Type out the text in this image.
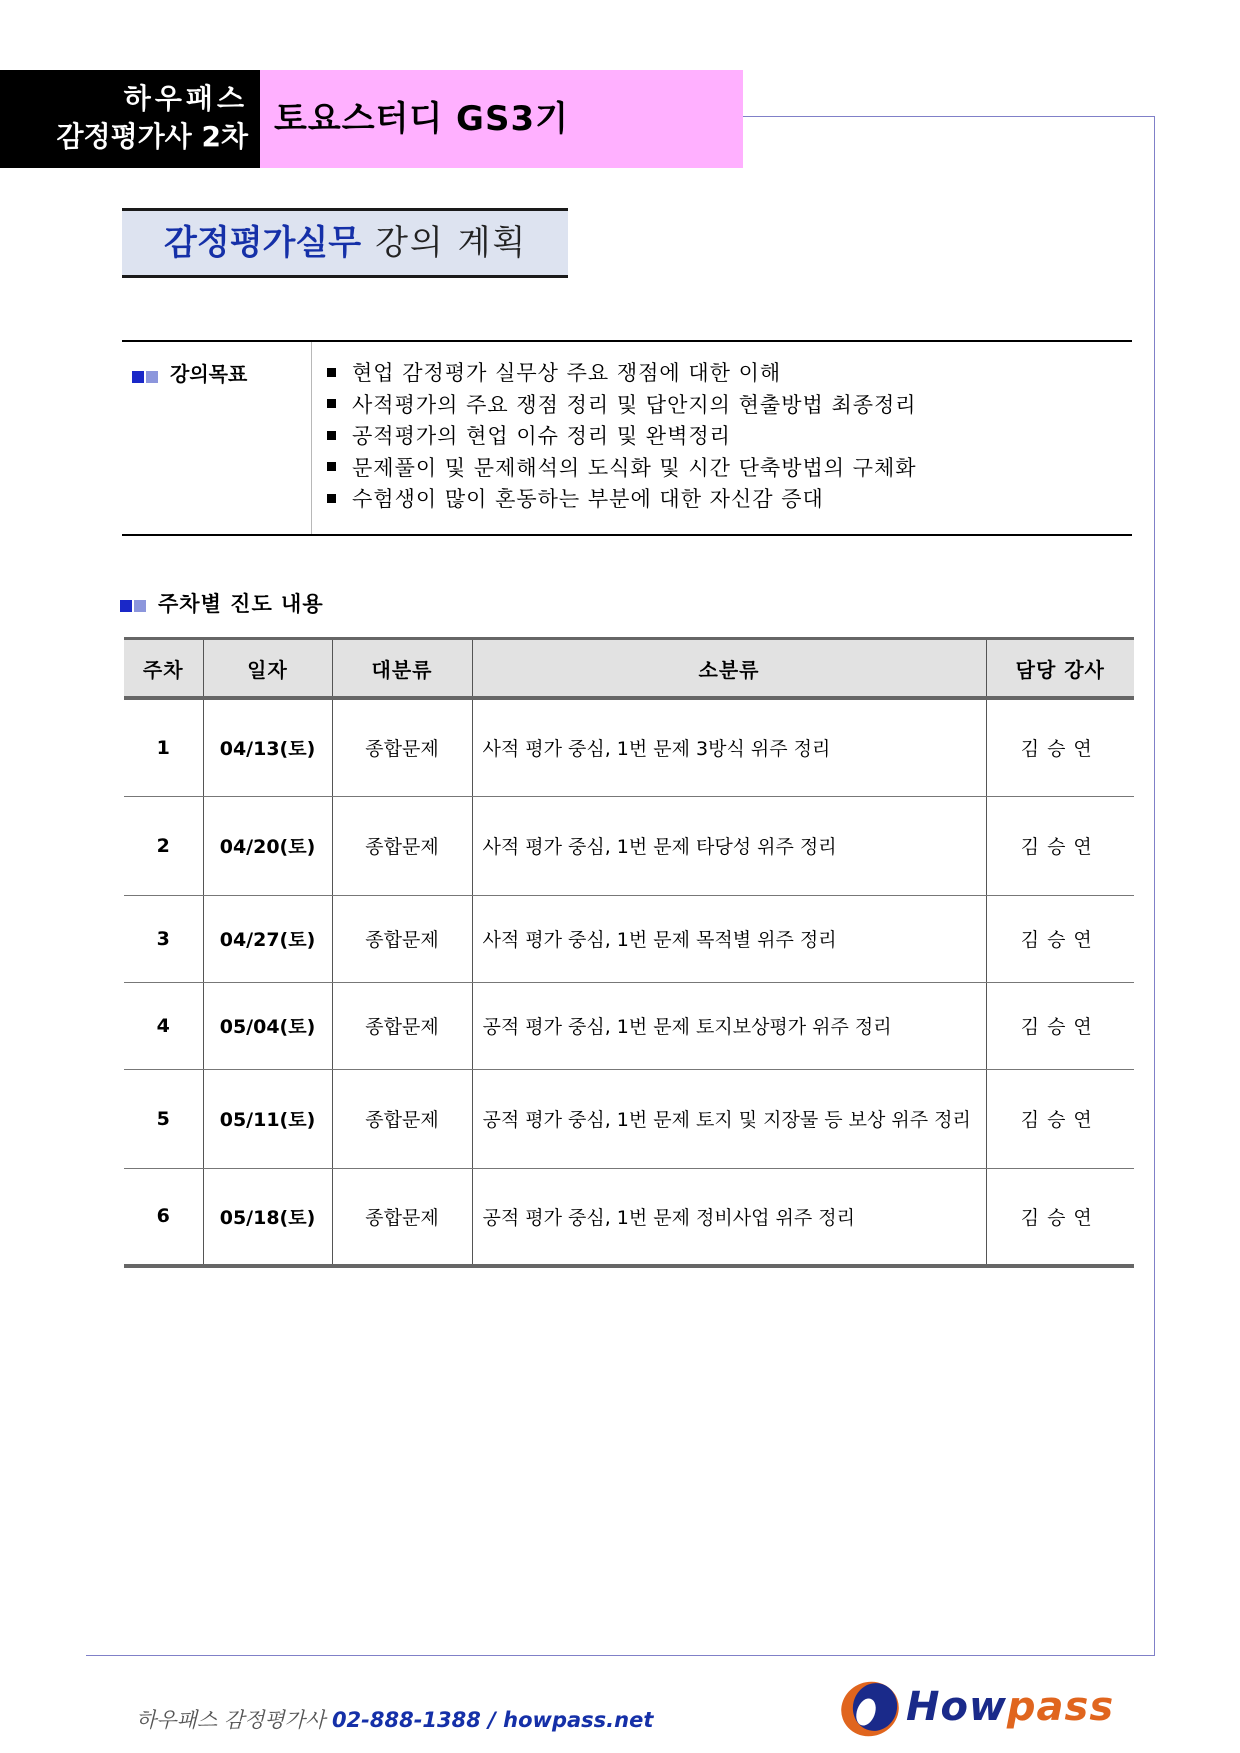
하우패스
감정평가사 2차 토요스터디 GS3기
감정평가실무 강의 계획
강의목표	현업 감정평가 실무상 주요 쟁점에 대한 이해
사적평가의 주요 쟁점 정리 및 답안지의 현출방법 최종정리
공적평가의 현업 이슈 정리 및 완벽정리
문제풀이 및 문제해석의 도식화 및 시간 단축방법의 구체화
수험생이 많이 혼동하는 부분에 대한 자신감 증대
주차별 진도 내용
주차	일자	대분류	소분류	담당 강사
1	04/13(토)	종합문제	사적 평가 중심, 1번 문제 3방식 위주 정리	김승연
2	04/20(토)	종합문제	사적 평가 중심, 1번 문제 타당성 위주 정리	김승연
3	04/27(토)	종합문제	사적 평가 중심, 1번 문제 목적별 위주 정리	김승연
4	05/04(토)	종합문제	공적 평가 중심, 1번 문제 토지보상평가 위주 정리	김승연
5	05/11(토)	종합문제	공적 평가 중심, 1번 문제 토지 및 지장물 등 보상 위주 정리	김승연
6	05/18(토)	종합문제	공적 평가 중심, 1번 문제 정비사업 위주 정리	김승연
하우패스 감정평가사 02-888-1388 / howpass.net	Howpass
